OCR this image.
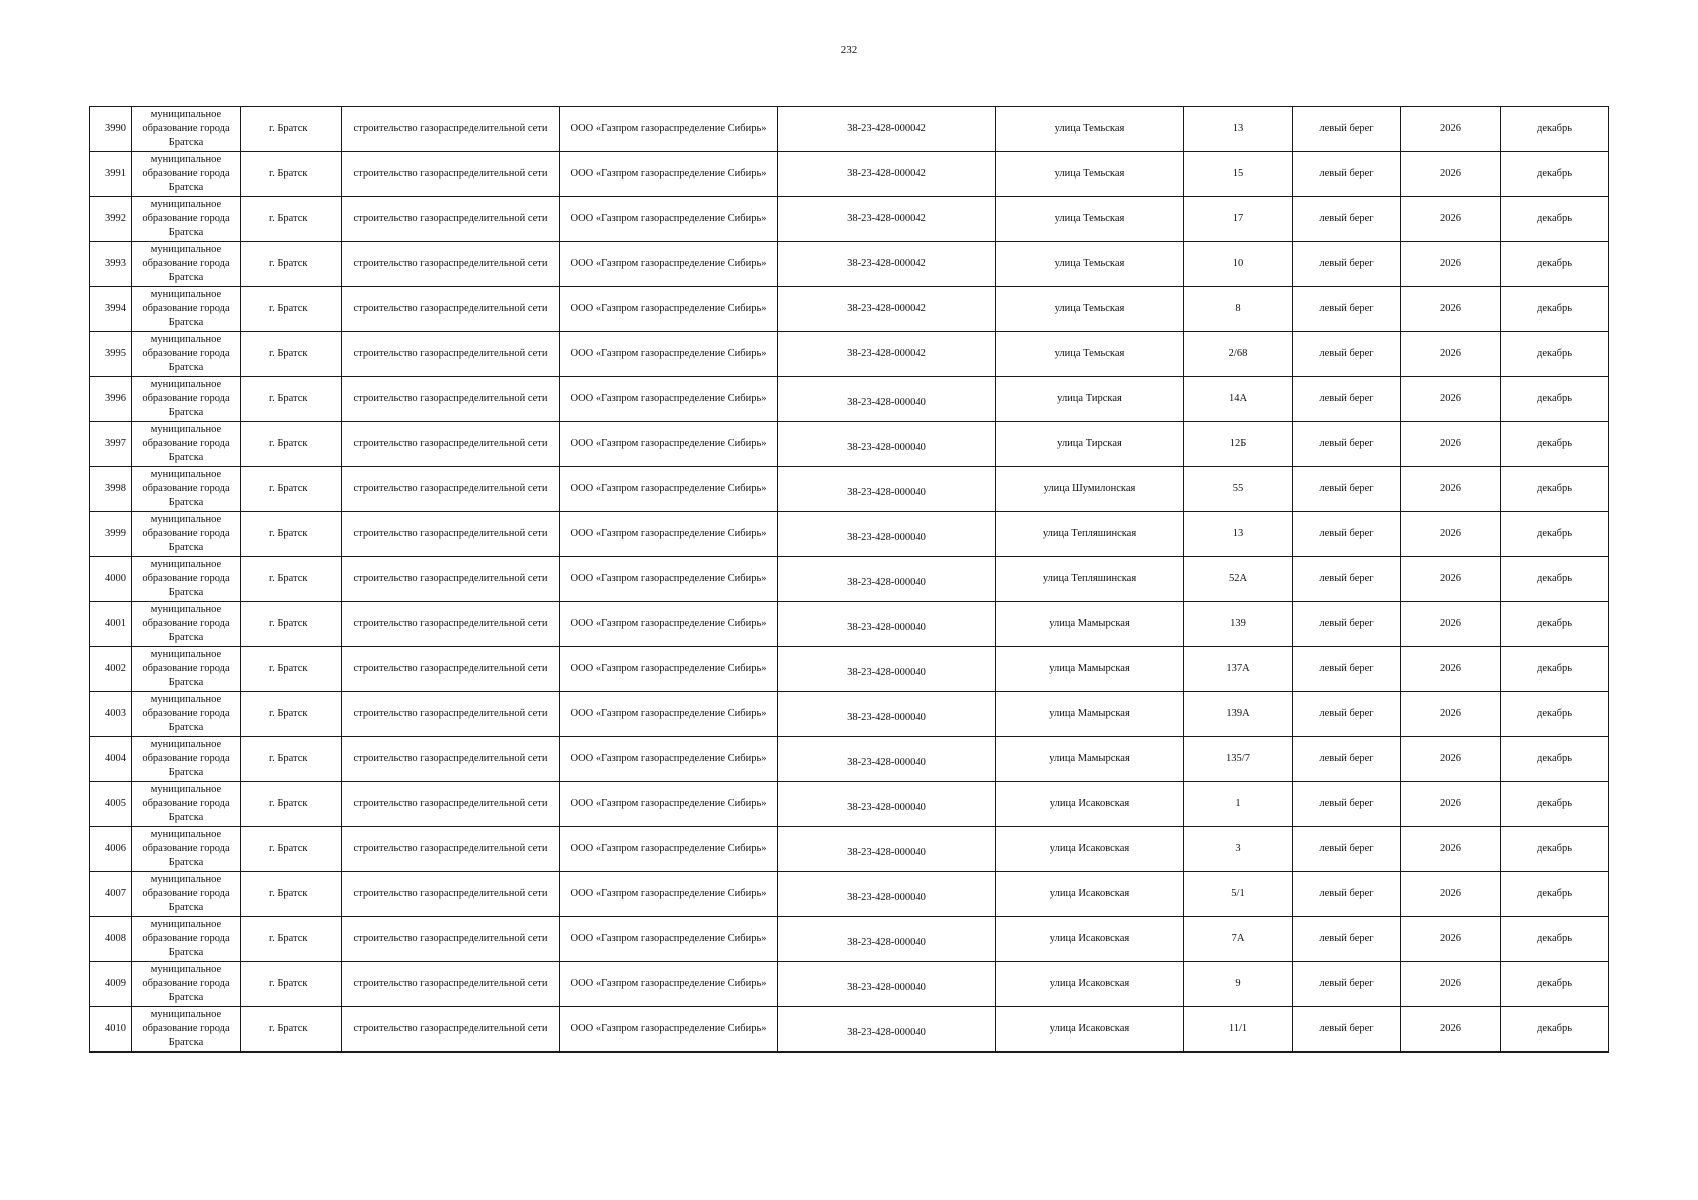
232
3990	муниципальное образование города Братска	г. Братск	строительство газораспределительной сети	ООО «Газпром газораспределение Сибирь»	38-23-428-000042	улица Темьская	13	левый берег	2026	декабрь
3991	муниципальное образование города Братска	г. Братск	строительство газораспределительной сети	ООО «Газпром газораспределение Сибирь»	38-23-428-000042	улица Темьская	15	левый берег	2026	декабрь
3992	муниципальное образование города Братска	г. Братск	строительство газораспределительной сети	ООО «Газпром газораспределение Сибирь»	38-23-428-000042	улица Темьская	17	левый берег	2026	декабрь
3993	муниципальное образование города Братска	г. Братск	строительство газораспределительной сети	ООО «Газпром газораспределение Сибирь»	38-23-428-000042	улица Темьская	10	левый берег	2026	декабрь
3994	муниципальное образование города Братска	г. Братск	строительство газораспределительной сети	ООО «Газпром газораспределение Сибирь»	38-23-428-000042	улица Темьская	8	левый берег	2026	декабрь
3995	муниципальное образование города Братска	г. Братск	строительство газораспределительной сети	ООО «Газпром газораспределение Сибирь»	38-23-428-000042	улица Темьская	2/68	левый берег	2026	декабрь
3996	муниципальное образование города Братска	г. Братск	строительство газораспределительной сети	ООО «Газпром газораспределение Сибирь»	38-23-428-000040	улица Тирская	14А	левый берег	2026	декабрь
3997	муниципальное образование города Братска	г. Братск	строительство газораспределительной сети	ООО «Газпром газораспределение Сибирь»	38-23-428-000040	улица Тирская	12Б	левый берег	2026	декабрь
3998	муниципальное образование города Братска	г. Братск	строительство газораспределительной сети	ООО «Газпром газораспределение Сибирь»	38-23-428-000040	улица Шумилонская	55	левый берег	2026	декабрь
3999	муниципальное образование города Братска	г. Братск	строительство газораспределительной сети	ООО «Газпром газораспределение Сибирь»	38-23-428-000040	улица Тепляшинская	13	левый берег	2026	декабрь
4000	муниципальное образование города Братска	г. Братск	строительство газораспределительной сети	ООО «Газпром газораспределение Сибирь»	38-23-428-000040	улица Тепляшинская	52А	левый берег	2026	декабрь
4001	муниципальное образование города Братска	г. Братск	строительство газораспределительной сети	ООО «Газпром газораспределение Сибирь»	38-23-428-000040	улица Мамырская	139	левый берег	2026	декабрь
4002	муниципальное образование города Братска	г. Братск	строительство газораспределительной сети	ООО «Газпром газораспределение Сибирь»	38-23-428-000040	улица Мамырская	137А	левый берег	2026	декабрь
4003	муниципальное образование города Братска	г. Братск	строительство газораспределительной сети	ООО «Газпром газораспределение Сибирь»	38-23-428-000040	улица Мамырская	139А	левый берег	2026	декабрь
4004	муниципальное образование города Братска	г. Братск	строительство газораспределительной сети	ООО «Газпром газораспределение Сибирь»	38-23-428-000040	улица Мамырская	135/7	левый берег	2026	декабрь
4005	муниципальное образование города Братска	г. Братск	строительство газораспределительной сети	ООО «Газпром газораспределение Сибирь»	38-23-428-000040	улица Исаковская	1	левый берег	2026	декабрь
4006	муниципальное образование города Братска	г. Братск	строительство газораспределительной сети	ООО «Газпром газораспределение Сибирь»	38-23-428-000040	улица Исаковская	3	левый берег	2026	декабрь
4007	муниципальное образование города Братска	г. Братск	строительство газораспределительной сети	ООО «Газпром газораспределение Сибирь»	38-23-428-000040	улица Исаковская	5/1	левый берег	2026	декабрь
4008	муниципальное образование города Братска	г. Братск	строительство газораспределительной сети	ООО «Газпром газораспределение Сибирь»	38-23-428-000040	улица Исаковская	7А	левый берег	2026	декабрь
4009	муниципальное образование города Братска	г. Братск	строительство газораспределительной сети	ООО «Газпром газораспределение Сибирь»	38-23-428-000040	улица Исаковская	9	левый берег	2026	декабрь
4010	муниципальное образование города Братска	г. Братск	строительство газораспределительной сети	ООО «Газпром газораспределение Сибирь»	38-23-428-000040	улица Исаковская	11/1	левый берег	2026	декабрь
